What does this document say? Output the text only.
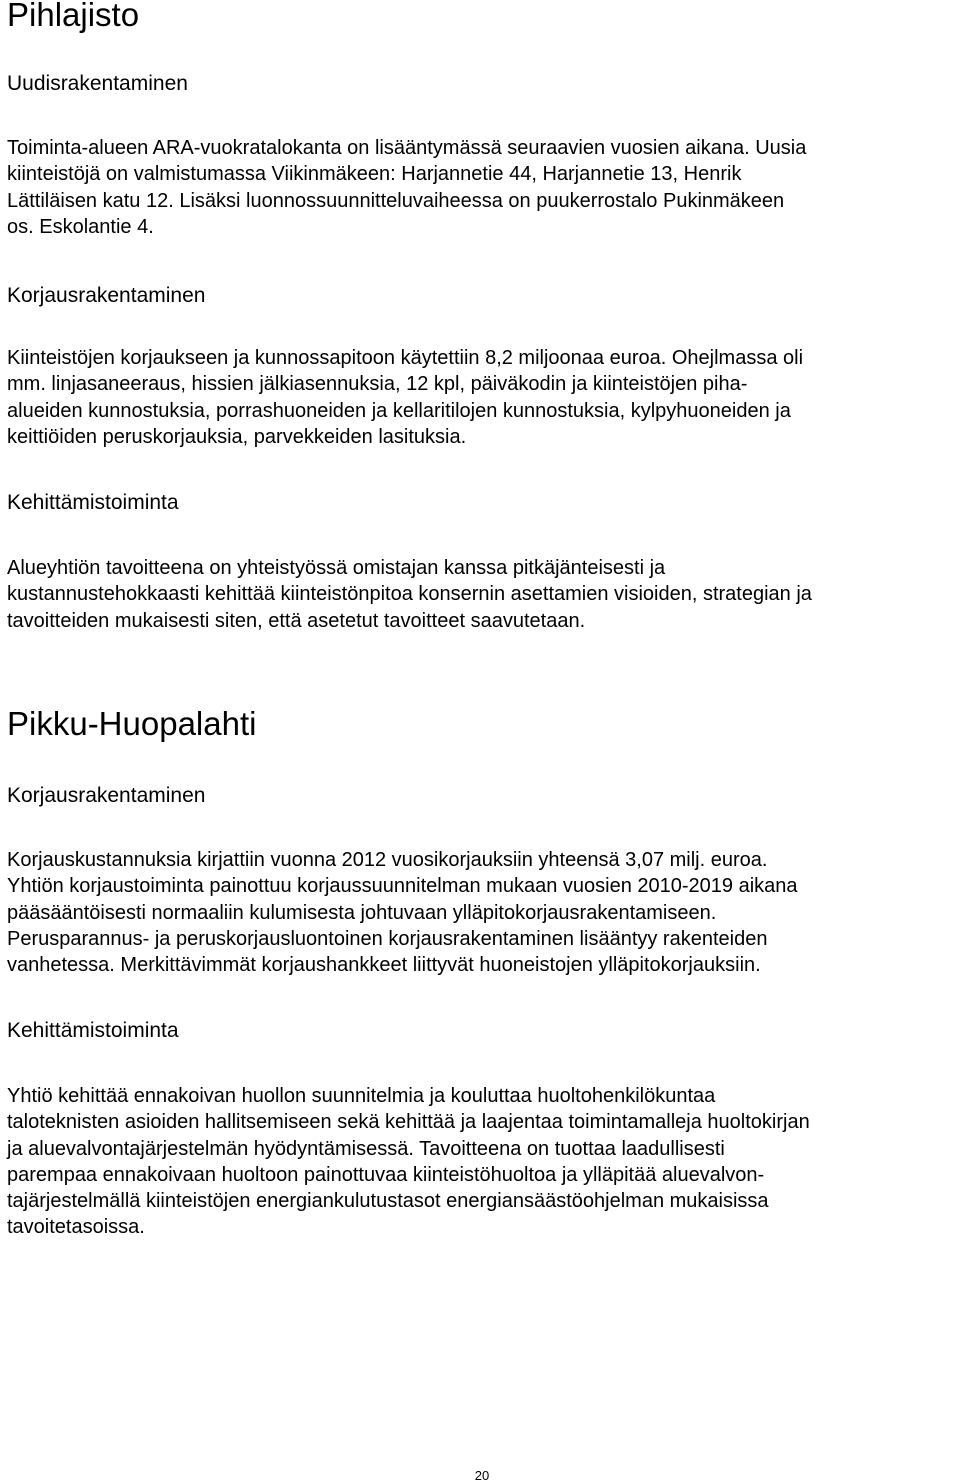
Pihlajisto
Uudisrakentaminen
Toiminta-alueen ARA-vuokratalokanta on lisääntymässä seuraavien vuosien aikana. Uusia
kiinteistöjä on valmistumassa Viikinmäkeen: Harjannetie 44, Harjannetie 13, Henrik
Lättiläisen katu 12. Lisäksi luonnossuunnitteluvaiheessa on puukerrostalo Pukinmäkeen
os. Eskolantie 4.
Korjausrakentaminen
Kiinteistöjen korjaukseen ja kunnossapitoon käytettiin 8,2 miljoonaa euroa. Ohejlmassa oli
mm. linjasaneeraus, hissien jälkiasennuksia, 12 kpl, päiväkodin ja kiinteistöjen piha-
alueiden kunnostuksia, porrashuoneiden ja kellaritilojen kunnostuksia, kylpyhuoneiden ja
keittiöiden peruskorjauksia, parvekkeiden lasituksia.
Kehittämistoiminta
Alueyhtiön tavoitteena on yhteistyössä omistajan kanssa pitkäjänteisesti ja
kustannustehokkaasti kehittää kiinteistönpitoa konsernin asettamien visioiden, strategian ja
tavoitteiden mukaisesti siten, että asetetut tavoitteet saavutetaan.
Pikku-Huopalahti
Korjausrakentaminen
Korjauskustannuksia kirjattiin vuonna 2012 vuosikorjauksiin yhteensä 3,07 milj. euroa.
Yhtiön korjaustoiminta painottuu korjaussuunnitelman mukaan vuosien 2010-2019 aikana
pääsääntöisesti normaaliin kulumisesta johtuvaan ylläpitokorjausrakentamiseen.
Perusparannus- ja peruskorjausluontoinen korjausrakentaminen lisääntyy rakenteiden
vanhetessa. Merkittävimmät korjaushankkeet liittyvät huoneistojen ylläpitokorjauksiin.
Kehittämistoiminta
Yhtiö kehittää ennakoivan huollon suunnitelmia ja kouluttaa huoltohenkilökuntaa
taloteknisten asioiden hallitsemiseen sekä kehittää ja laajentaa toimintamalleja huoltokirjan
ja aluevalvontajärjestelmän hyödyntämisessä. Tavoitteena on tuottaa laadullisesti
parempaa ennakoivaan huoltoon painottuvaa kiinteistöhuoltoa ja ylläpitää aluevalvon-
tajärjestelmällä kiinteistöjen energiankulutustasot energiansäästöohjelman mukaisissa
tavoitetasoissa.
20
